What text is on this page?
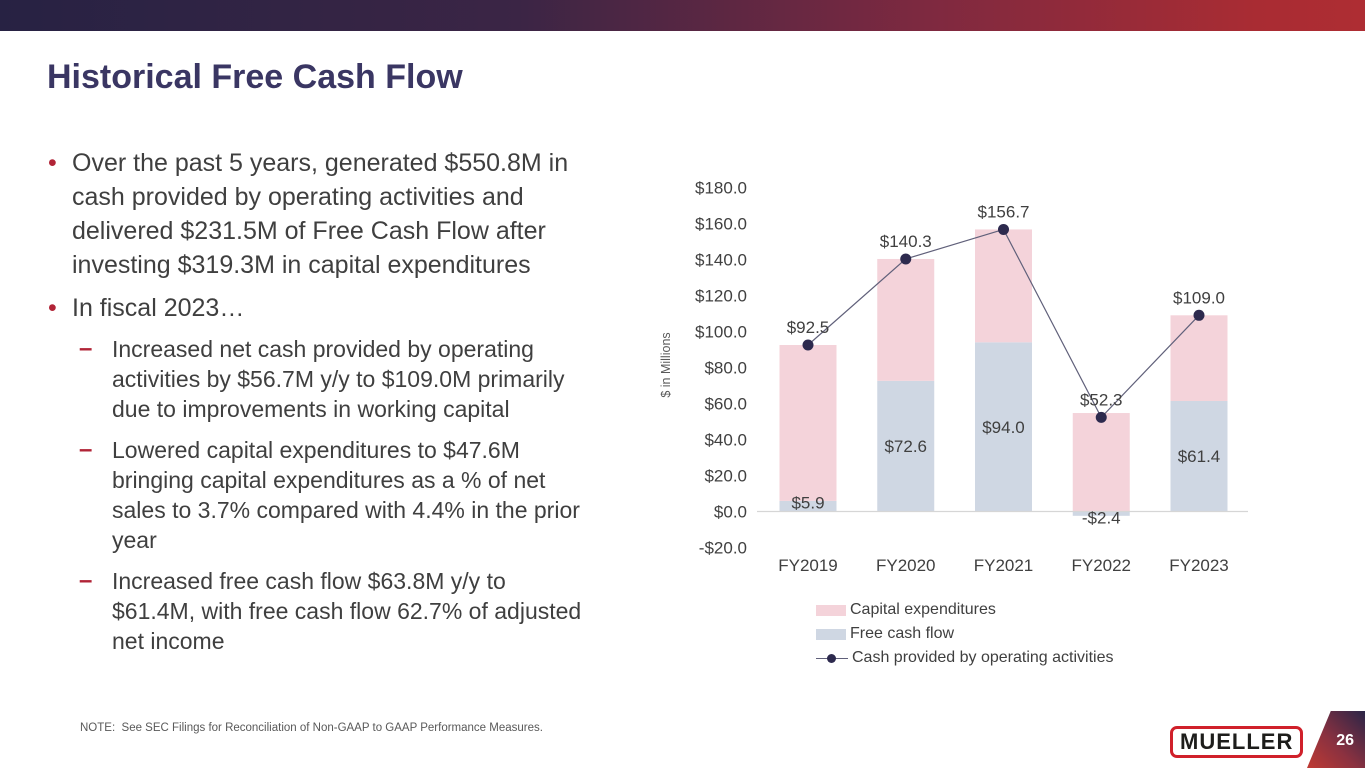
Historical Free Cash Flow
• Over the past 5 years, generated $550.8M in cash provided by operating activities and delivered $231.5M of Free Cash Flow after investing $319.3M in capital expenditures
• In fiscal 2023…
– Increased net cash provided by operating activities by $56.7M y/y to $109.0M primarily due to improvements in working capital
– Lowered capital expenditures to $47.6M bringing capital expenditures as a % of net sales to 3.7% compared with 4.4% in the prior year
– Increased free cash flow $63.8M y/y to $61.4M, with free cash flow 62.7% of adjusted net income
$180.0
$160.0
$140.0
$120.0
$100.0
$80.0
$60.0
$40.0
$20.0
$0.0
-$20.0
$ in Millions
FY2019 FY2020 FY2021 FY2022 FY2023
$5.9
$72.6
$94.0
-$2.4
$61.4
$92.5
$140.3
$156.7
$52.3
$109.0
Capital expenditures
Free cash flow
Cash provided by operating activities
NOTE:  See SEC Filings for Reconciliation of Non-GAAP to GAAP Performance Measures.
MUELLER	26
